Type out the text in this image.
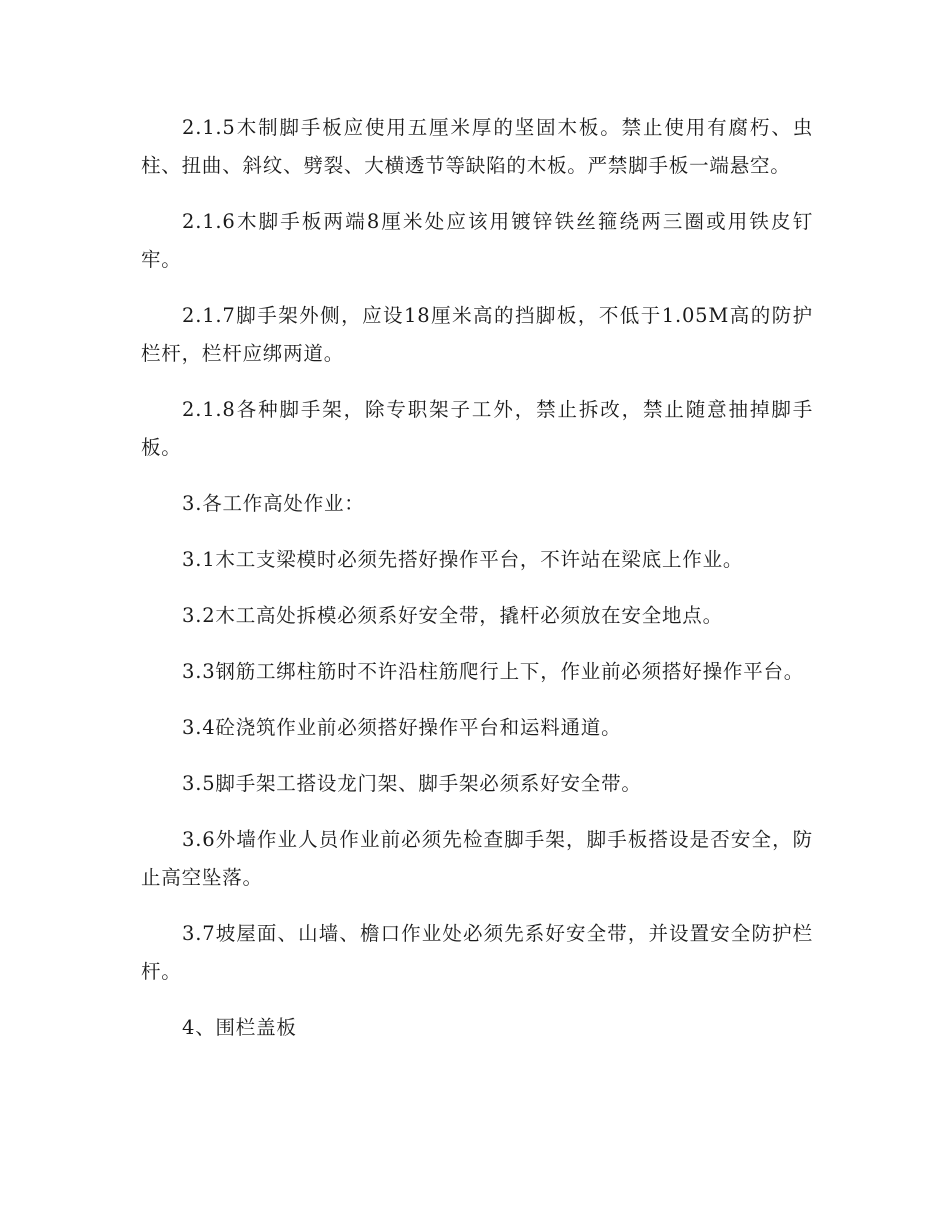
2.1.5木制脚手板应使用五厘米厚的坚固木板。禁止使用有腐朽、虫柱、扭曲、斜纹、劈裂、大横透节等缺陷的木板。严禁脚手板一端悬空。

2.1.6木脚手板两端8厘米处应该用镀锌铁丝箍绕两三圈或用铁皮钉牢。

2.1.7脚手架外侧，应设18厘米高的挡脚板，不低于1.05M高的防护栏杆，栏杆应绑两道。

2.1.8各种脚手架，除专职架子工外，禁止拆改，禁止随意抽掉脚手板。

3.各工作高处作业：

3.1木工支梁模时必须先搭好操作平台，不许站在梁底上作业。

3.2木工高处拆模必须系好安全带，撬杆必须放在安全地点。

3.3钢筋工绑柱筋时不许沿柱筋爬行上下，作业前必须搭好操作平台。

3.4砼浇筑作业前必须搭好操作平台和运料通道。

3.5脚手架工搭设龙门架、脚手架必须系好安全带。

3.6外墙作业人员作业前必须先检查脚手架，脚手板搭设是否安全，防止高空坠落。

3.7坡屋面、山墙、檐口作业处必须先系好安全带，并设置安全防护栏杆。

4、围栏盖板
